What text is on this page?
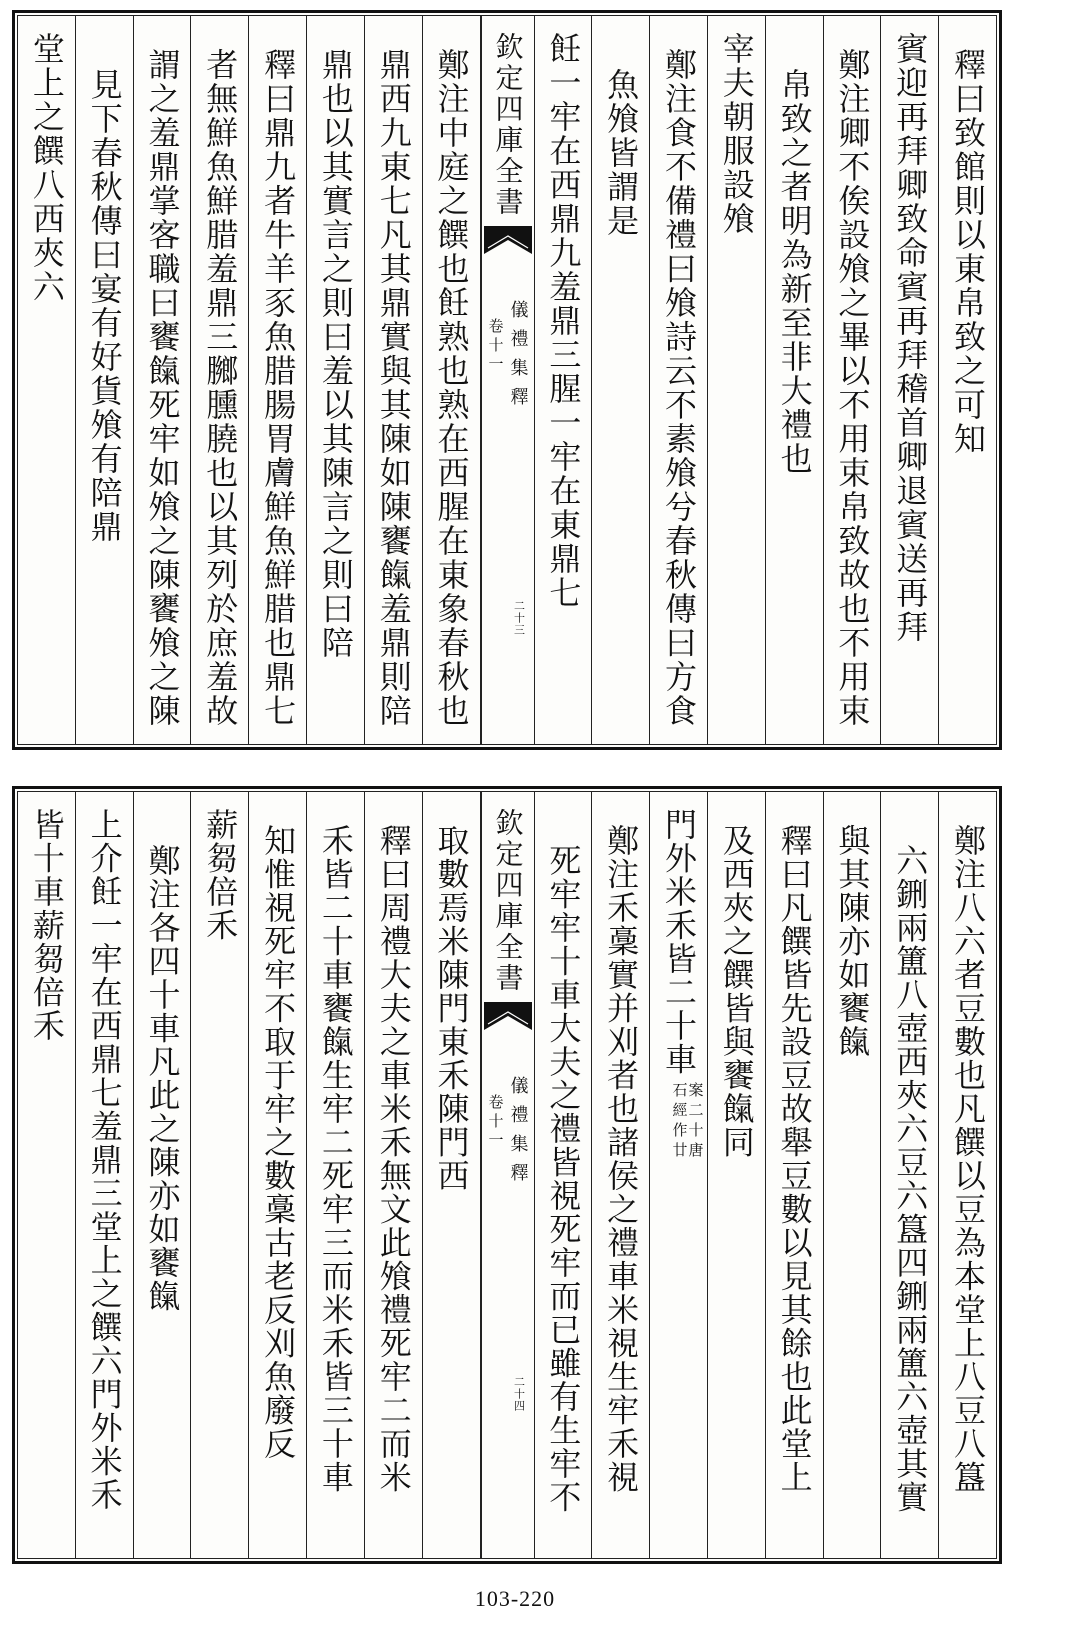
釋曰致館則以東帛致之可知
賓迎再拜卿致命賓再拜稽首卿退賓送再拜
鄭注卿不俟設飧之畢以不用束帛致故也不用束
帛致之者明為新至非大禮也
宰夫朝服設飧
鄭注食不備禮曰飧詩云不素飧兮春秋傳曰方食
魚飧皆謂是
飪一牢在西鼎九羞鼎三腥一牢在東鼎七
欽定四庫全書
儀禮集釋
卷十一
二十三
鄭注中庭之饌也飪熟也熟在西腥在東象春秋也
鼎西九東七凡其鼎實與其陳如陳饔餼羞鼎則陪
鼎也以其實言之則曰羞以其陳言之則曰陪
釋曰鼎九者牛羊豕魚腊腸胃膚鮮魚鮮腊也鼎七
者無鮮魚鮮腊羞鼎三膷臐膮也以其列於庶羞故
謂之羞鼎掌客職曰饔餼死牢如飧之陳饔飧之陳
見下春秋傳曰宴有好貨飧有陪鼎
堂上之饌八西夾六
鄭注八六者豆數也凡饌以豆為本堂上八豆八簋
六鉶兩簠八壺西夾六豆六簋四鉶兩簠六壺其實
與其陳亦如饔餼
釋曰凡饌皆先設豆故舉豆數以見其餘也此堂上
及西夾之饌皆與饔餼同
門外米禾皆二十車
案二十唐
石經作廿
鄭注禾稾實并刈者也諸侯之禮車米視生牢禾視
死牢牢十車大夫之禮皆視死牢而已雖有生牢不
欽定四庫全書
儀禮集釋
卷十一
二十四
取數焉米陳門東禾陳門西
釋曰周禮大夫之車米禾無文此飧禮死牢二而米
禾皆二十車饔餼生牢二死牢三而米禾皆三十車
知惟視死牢不取于牢之數稾古老反刈魚廢反
薪芻倍禾
鄭注各四十車凡此之陳亦如饔餼
上介飪一牢在西鼎七羞鼎三堂上之饌六門外米禾
皆十車薪芻倍禾
103-220
